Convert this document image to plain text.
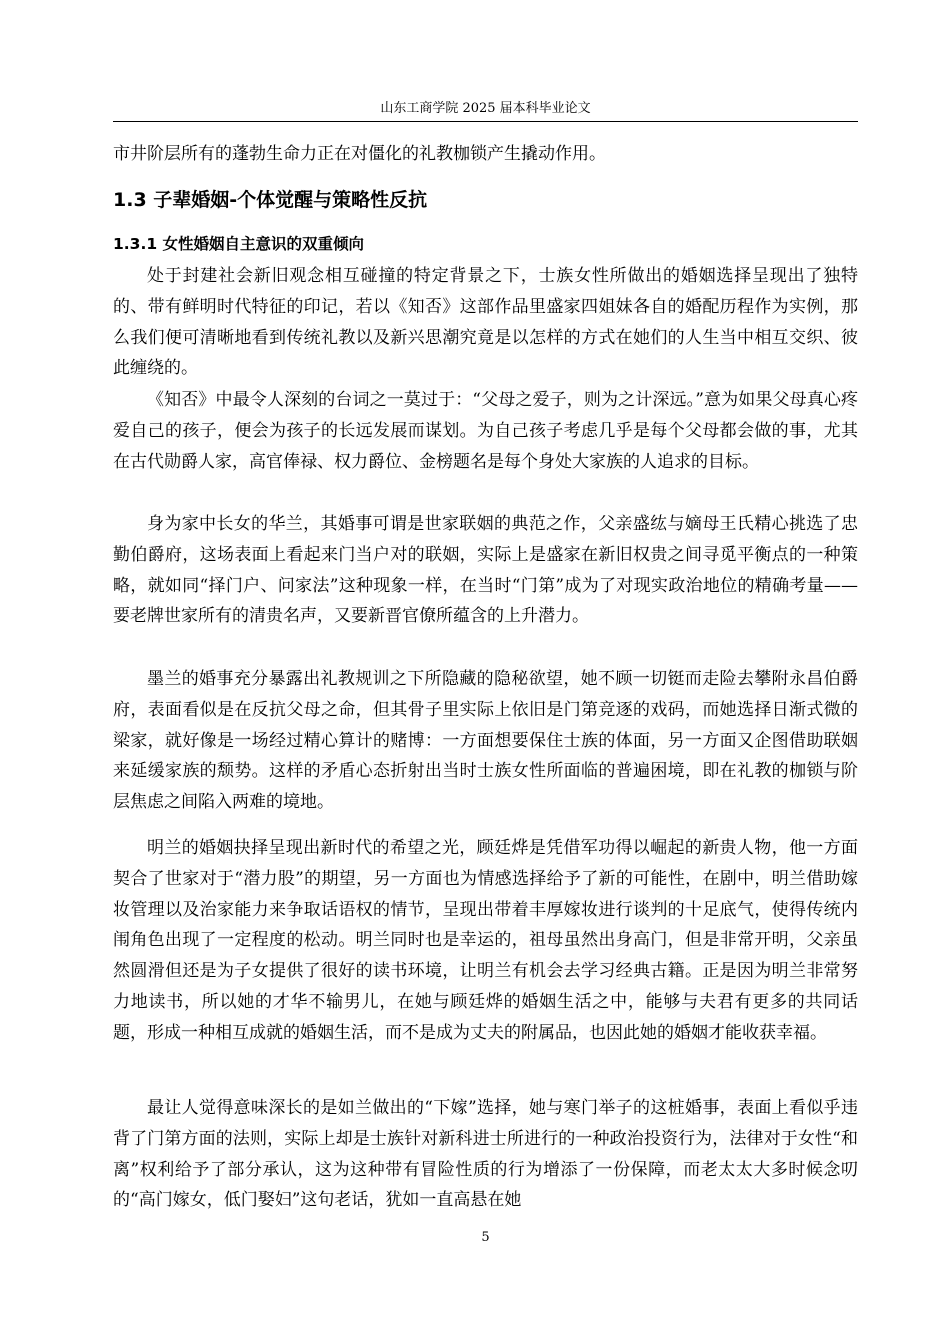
山东工商学院 2025 届本科毕业论文

市井阶层所有的蓬勃生命力正在对僵化的礼教枷锁产生撬动作用。

1.3 子辈婚姻-个体觉醒与策略性反抗
1.3.1 女性婚姻自主意识的双重倾向

处于封建社会新旧观念相互碰撞的特定背景之下，士族女性所做出的婚姻选择呈现出了独特的、带有鲜明时代特征的印记，若以《知否》这部作品里盛家四姐妹各自的婚配历程作为实例，那么我们便可清晰地看到传统礼教以及新兴思潮究竟是以怎样的方式在她们的人生当中相互交织、彼此缠绕的。

《知否》中最令人深刻的台词之一莫过于：“父母之爱子，则为之计深远。”意为如果父母真心疼爱自己的孩子，便会为孩子的长远发展而谋划。为自己孩子考虑几乎是每个父母都会做的事，尤其在古代勋爵人家，高官俸禄、权力爵位、金榜题名是每个身处大家族的人追求的目标。

身为家中长女的华兰，其婚事可谓是世家联姻的典范之作，父亲盛纮与嫡母王氏精心挑选了忠勤伯爵府，这场表面上看起来门当户对的联姻，实际上是盛家在新旧权贵之间寻觅平衡点的一种策略，就如同“择门户、问家法”这种现象一样，在当时“门第”成为了对现实政治地位的精确考量——要老牌世家所有的清贵名声，又要新晋官僚所蕴含的上升潜力。

墨兰的婚事充分暴露出礼教规训之下所隐藏的隐秘欲望，她不顾一切铤而走险去攀附永昌伯爵府，表面看似是在反抗父母之命，但其骨子里实际上依旧是门第竞逐的戏码，而她选择日渐式微的梁家，就好像是一场经过精心算计的赌博：一方面想要保住士族的体面，另一方面又企图借助联姻来延缓家族的颓势。这样的矛盾心态折射出当时士族女性所面临的普遍困境，即在礼教的枷锁与阶层焦虑之间陷入两难的境地。

明兰的婚姻抉择呈现出新时代的希望之光，顾廷烨是凭借军功得以崛起的新贵人物，他一方面契合了世家对于“潜力股”的期望，另一方面也为情感选择给予了新的可能性，在剧中，明兰借助嫁妆管理以及治家能力来争取话语权的情节，呈现出带着丰厚嫁妆进行谈判的十足底气，使得传统内闱角色出现了一定程度的松动。明兰同时也是幸运的，祖母虽然出身高门，但是非常开明，父亲虽然圆滑但还是为子女提供了很好的读书环境，让明兰有机会去学习经典古籍。正是因为明兰非常努力地读书，所以她的才华不输男儿，在她与顾廷烨的婚姻生活之中，能够与夫君有更多的共同话题，形成一种相互成就的婚姻生活，而不是成为丈夫的附属品，也因此她的婚姻才能收获幸福。

最让人觉得意味深长的是如兰做出的“下嫁”选择，她与寒门举子的这桩婚事，表面上看似乎违背了门第方面的法则，实际上却是士族针对新科进士所进行的一种政治投资行为，法律对于女性“和离”权利给予了部分承认，这为这种带有冒险性质的行为增添了一份保障，而老太太大多时候念叨的“高门嫁女，低门娶妇”这句老话，犹如一直高悬在她

5
